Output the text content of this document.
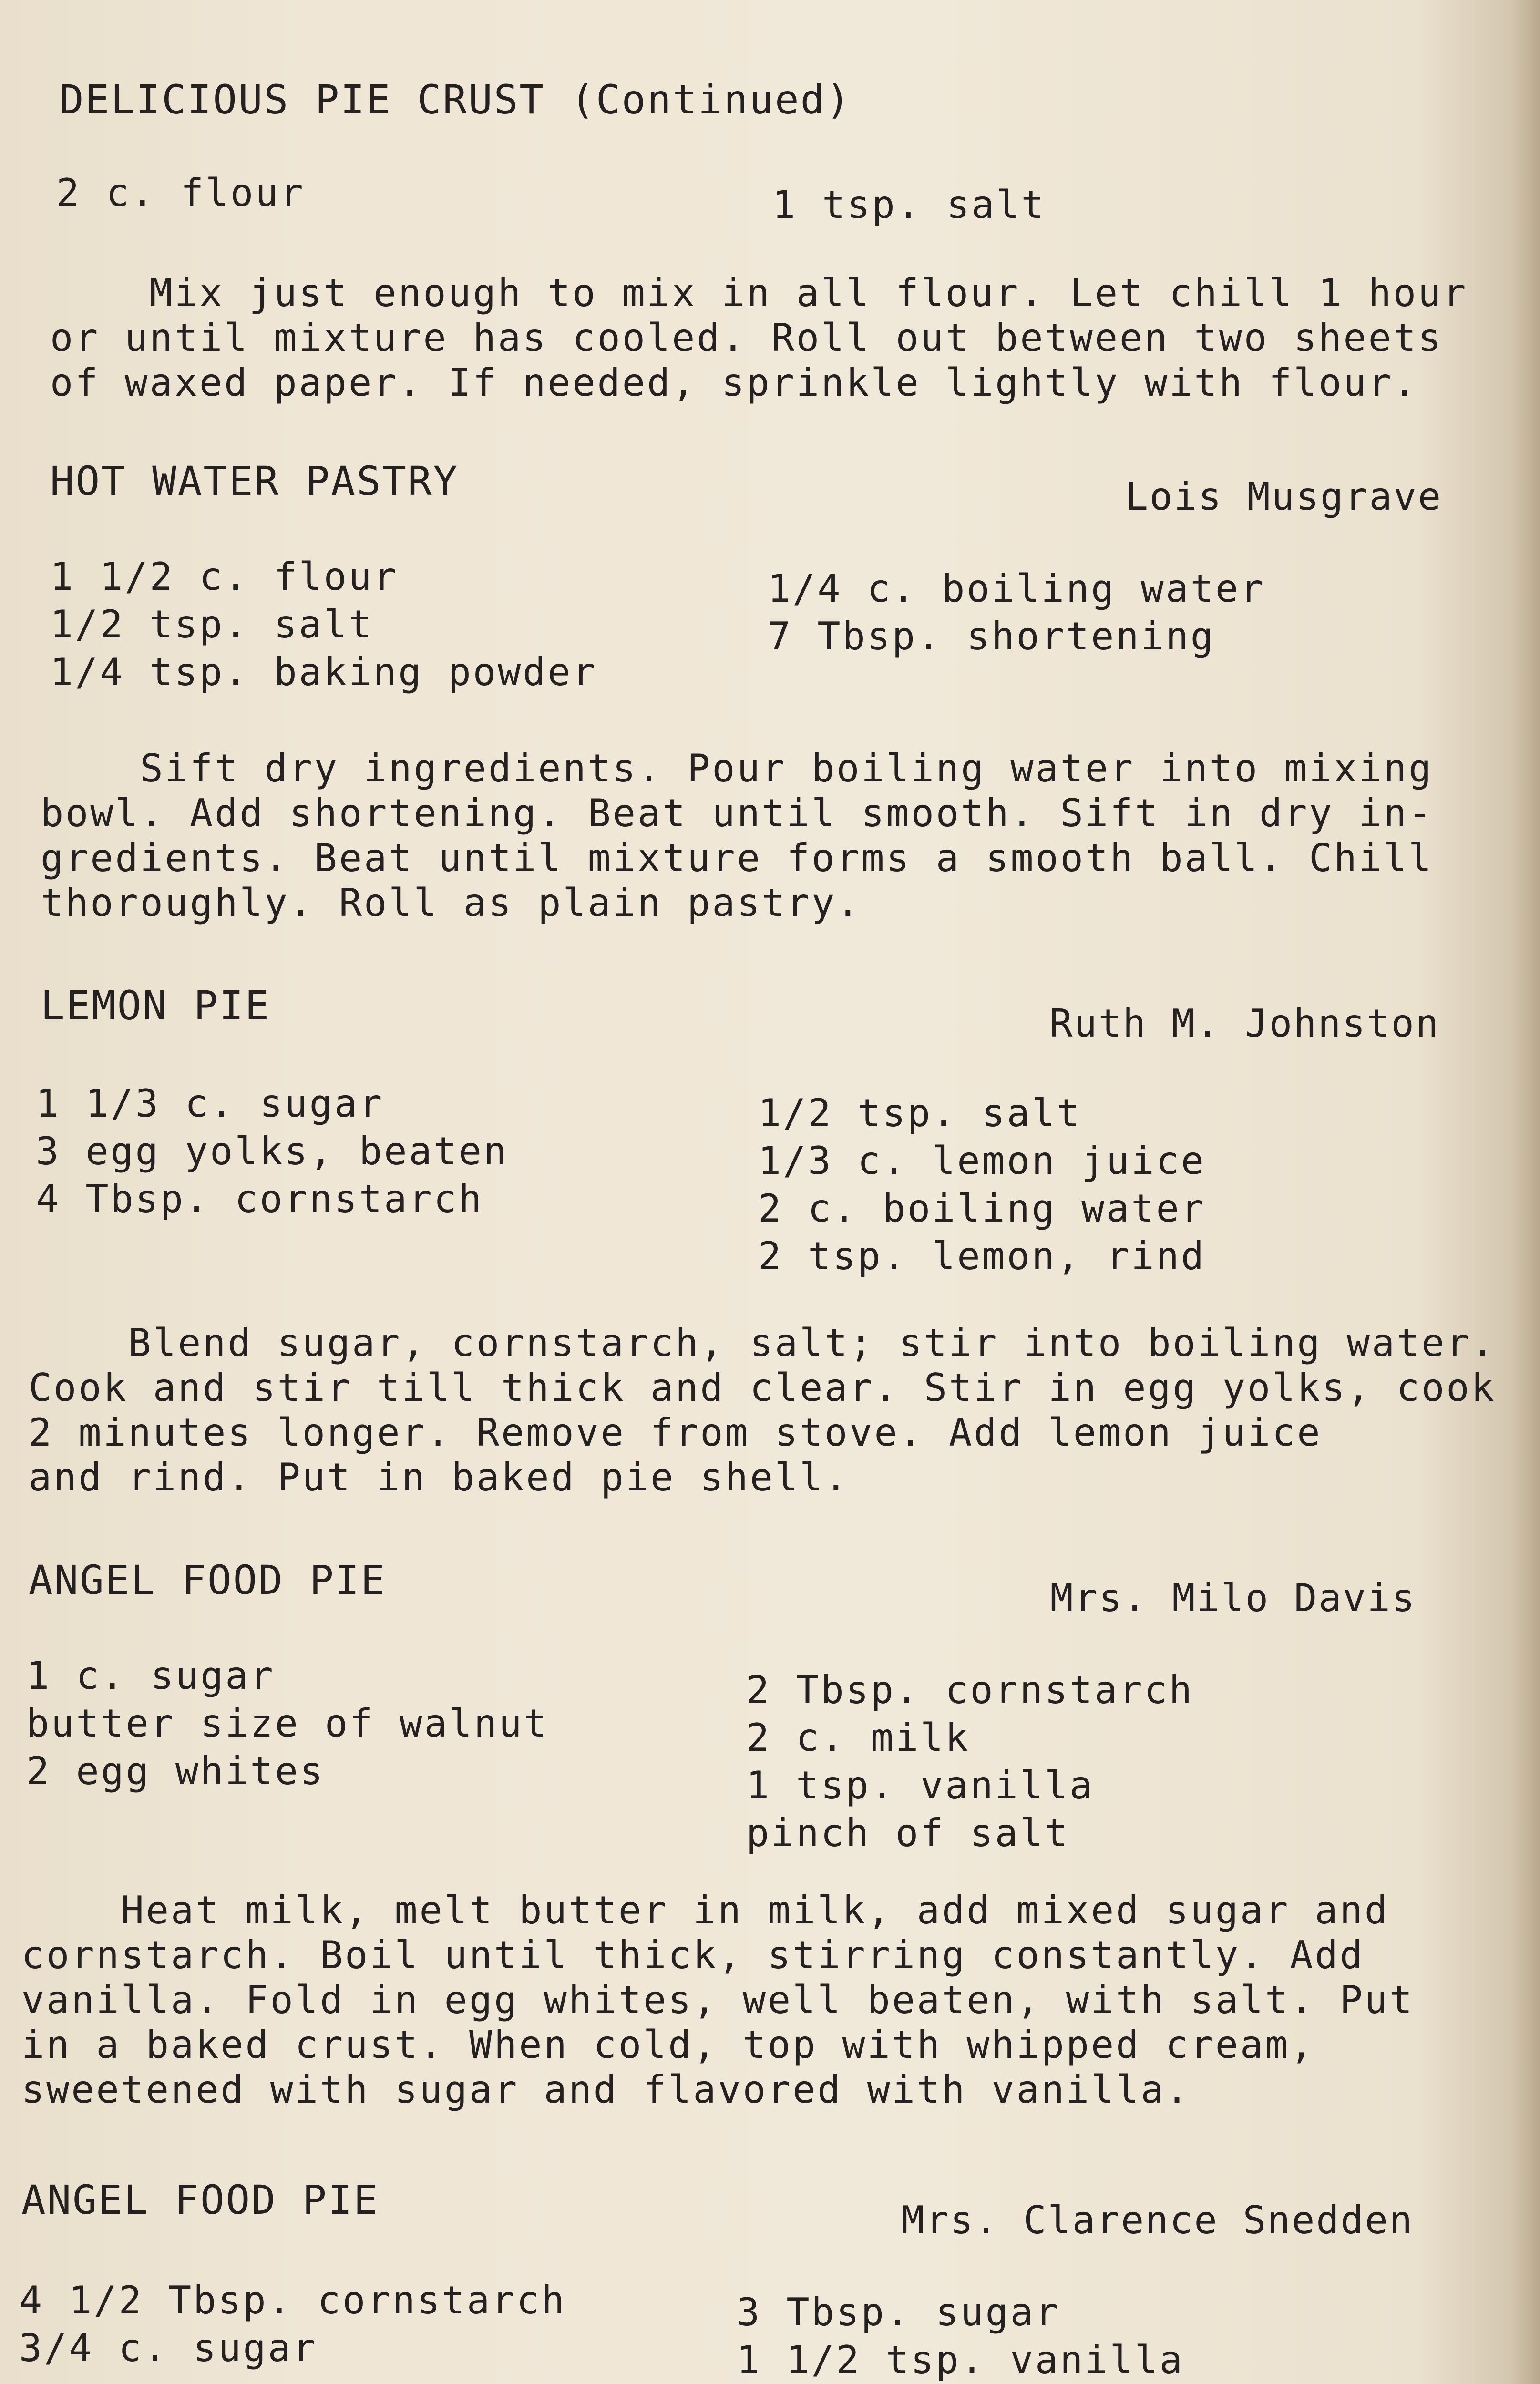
DELICIOUS PIE CRUST (Continued)
2 c. flour	1 tsp. salt
Mix just enough to mix in all flour. Let chill 1 hour
or until mixture has cooled. Roll out between two sheets
of waxed paper. If needed, sprinkle lightly with flour.
HOT WATER PASTRY	Lois Musgrave
1 1/2 c. flour
1/2 tsp. salt
1/4 tsp. baking powder
1/4 c. boiling water
7 Tbsp. shortening
Sift dry ingredients. Pour boiling water into mixing
bowl. Add shortening. Beat until smooth. Sift in dry in-
gredients. Beat until mixture forms a smooth ball. Chill
thoroughly. Roll as plain pastry.
LEMON PIE	Ruth M. Johnston
1 1/3 c. sugar
3 egg yolks, beaten
4 Tbsp. cornstarch
1/2 tsp. salt
1/3 c. lemon juice
2 c. boiling water
2 tsp. lemon, rind
Blend sugar, cornstarch, salt; stir into boiling water.
Cook and stir till thick and clear. Stir in egg yolks, cook
2 minutes longer. Remove from stove. Add lemon juice
and rind. Put in baked pie shell.
ANGEL FOOD PIE	Mrs. Milo Davis
1 c. sugar
butter size of walnut
2 egg whites
2 Tbsp. cornstarch
2 c. milk
1 tsp. vanilla
pinch of salt
Heat milk, melt butter in milk, add mixed sugar and
cornstarch. Boil until thick, stirring constantly. Add
vanilla. Fold in egg whites, well beaten, with salt. Put
in a baked crust. When cold, top with whipped cream,
sweetened with sugar and flavored with vanilla.
ANGEL FOOD PIE	Mrs. Clarence Snedden
4 1/2 Tbsp. cornstarch
3/4 c. sugar
3 Tbsp. sugar
1 1/2 tsp. vanilla
